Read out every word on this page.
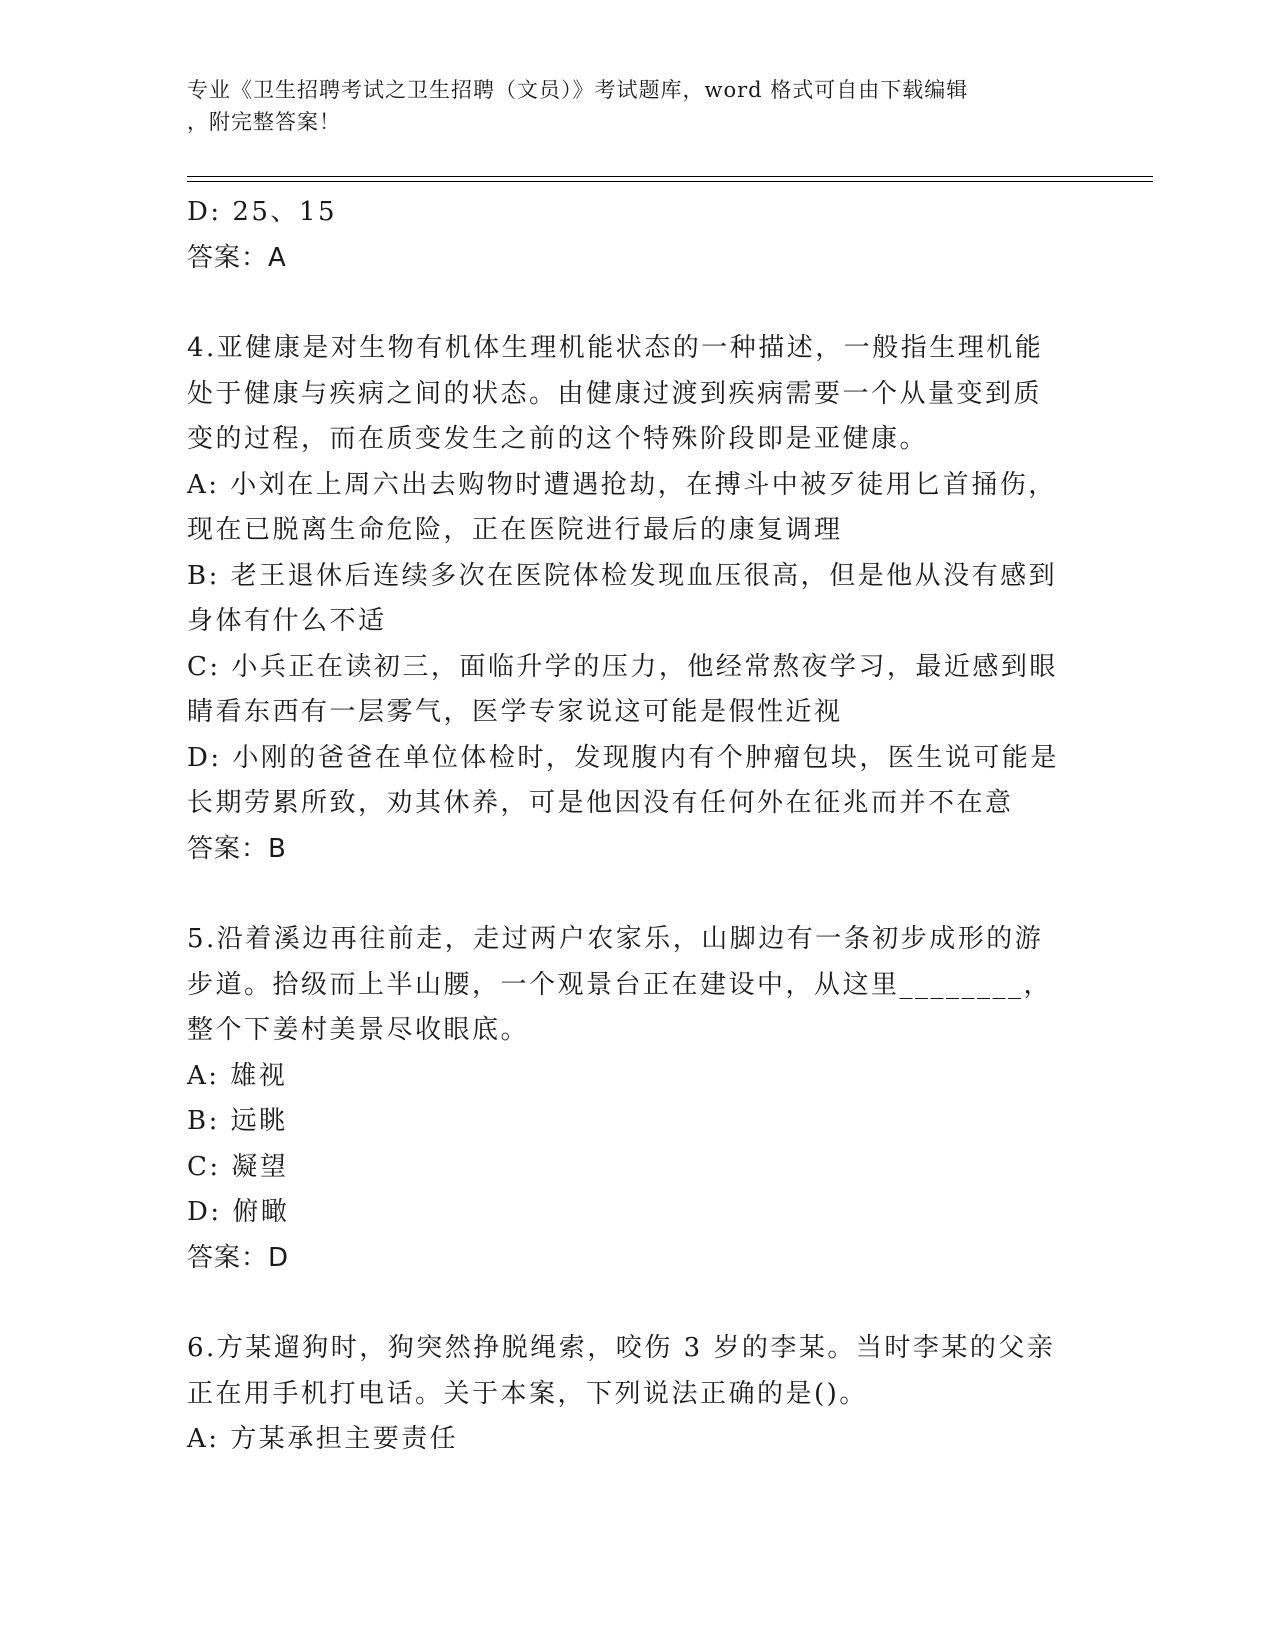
专业《卫生招聘考试之卫生招聘（文员）》考试题库，word 格式可自由下载编辑
，附完整答案！

D: 25、15

答案：A

4.亚健康是对生物有机体生理机能状态的一种描述，一般指生理机能

处于健康与疾病之间的状态。由健康过渡到疾病需要一个从量变到质

变的过程，而在质变发生之前的这个特殊阶段即是亚健康。

A: 小刘在上周六出去购物时遭遇抢劫，在搏斗中被歹徒用匕首捅伤，

现在已脱离生命危险，正在医院进行最后的康复调理

B: 老王退休后连续多次在医院体检发现血压很高，但是他从没有感到

身体有什么不适

C: 小兵正在读初三，面临升学的压力，他经常熬夜学习，最近感到眼

睛看东西有一层雾气，医学专家说这可能是假性近视

D: 小刚的爸爸在单位体检时，发现腹内有个肿瘤包块，医生说可能是

长期劳累所致，劝其休养，可是他因没有任何外在征兆而并不在意

答案：B

5.沿着溪边再往前走，走过两户农家乐，山脚边有一条初步成形的游

步道。拾级而上半山腰，一个观景台正在建设中，从这里________，

整个下姜村美景尽收眼底。

A: 雄视

B: 远眺

C: 凝望

D: 俯瞰

答案：D

6.方某遛狗时，狗突然挣脱绳索，咬伤 3 岁的李某。当时李某的父亲

正在用手机打电话。关于本案，下列说法正确的是()。

A: 方某承担主要责任
